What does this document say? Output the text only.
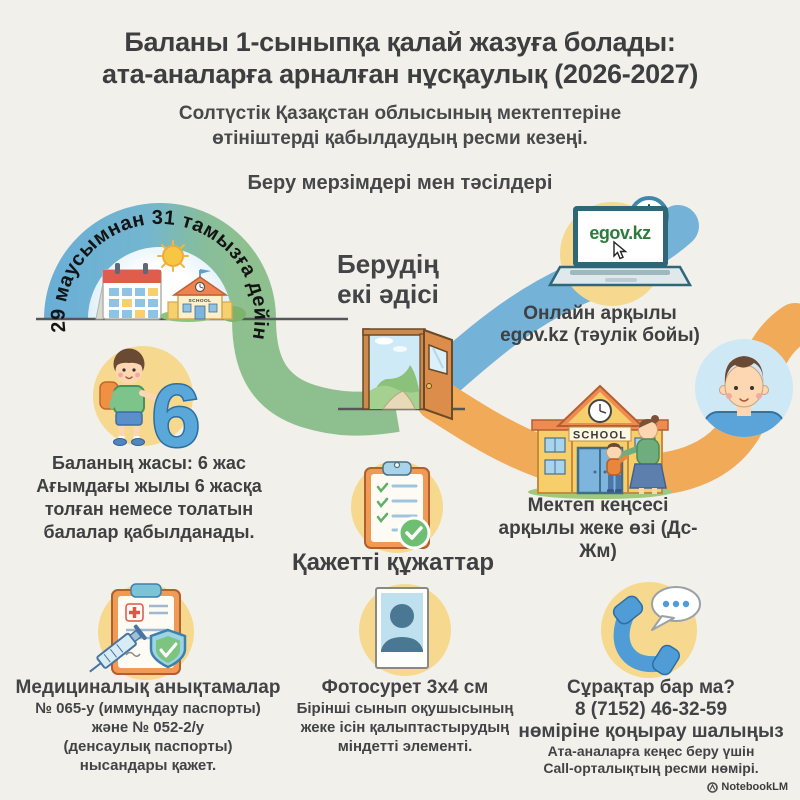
SCHOOL
29 маусымнан 31 тамызға дейін
egov.kz
SCHOOL
6
Баланы 1-сыныпқа қалай жазуға болады:
ата-аналарға арналған нұсқаулық (2026-2027)
Солтүстік Қазақстан облысының мектептеріне
өтініштерді қабылдаудың ресми кезеңі.
Беру мерзімдері мен тәсілдері
Берудің
екі әдісі
Онлайн арқылы
egov.kz (тәулік бойы)
Мектеп кеңсесі
арқылы жеке өзі (Дс-Жм)
Баланың жасы: 6 жас
Ағымдағы жылы 6 жасқа
толған немесе толатын
балалар қабылданады.
Қажетті құжаттар
Медициналық анықтамалар
№ 065-у (иммундау паспорты)
және № 052-2/у
(денсаулық паспорты)
нысандары қажет.
Фотосурет 3x4 см
Бірінші сынып оқушысының
жеке ісін қалыптастырудың
міндетті элементі.
Сұрақтар бар ма?
8 (7152) 46-32-59
нөміріне қоңырау шалыңыз
Ата-аналарға кеңес беру үшін
Call-орталықтың ресми нөмірі.
NotebookLM
